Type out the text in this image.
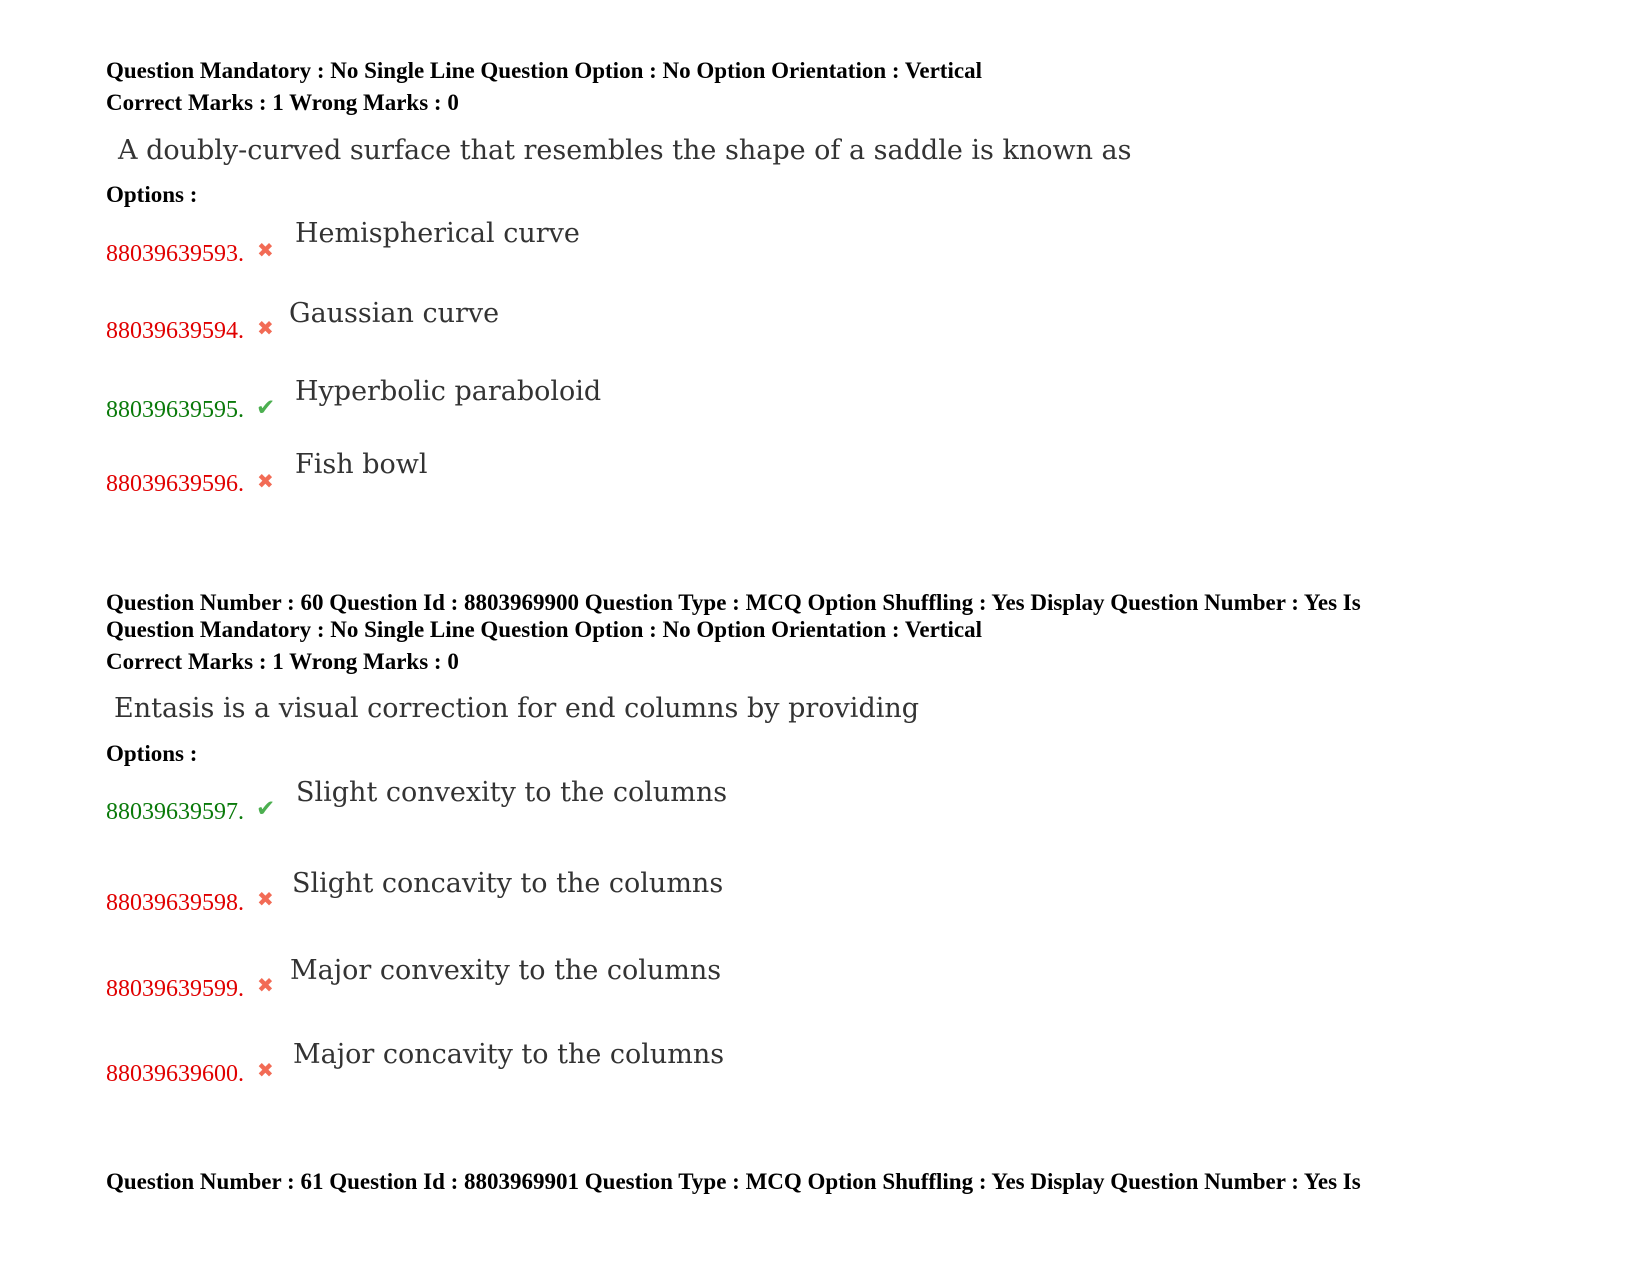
Question Mandatory : No Single Line Question Option : No Option Orientation : Vertical
Correct Marks : 1 Wrong Marks : 0
A doubly-curved surface that resembles the shape of a saddle is known as
Options :
88039639593. ✖
Hemispherical curve
88039639594. ✖ Gaussian curve
88039639595. ✔
Hyperbolic paraboloid
88039639596. ✖
Fish bowl
Question Number : 60 Question Id : 8803969900 Question Type : MCQ Option Shuffling : Yes Display Question Number : Yes Is
Question Mandatory : No Single Line Question Option : No Option Orientation : Vertical
Correct Marks : 1 Wrong Marks : 0
Entasis is a visual correction for end columns by providing
Options :
88039639597. ✔
Slight convexity to the columns
88039639598. ✖
Slight concavity to the columns
88039639599. ✖ Major convexity to the columns
88039639600. ✖
Major concavity to the columns
Question Number : 61 Question Id : 8803969901 Question Type : MCQ Option Shuffling : Yes Display Question Number : Yes Is
